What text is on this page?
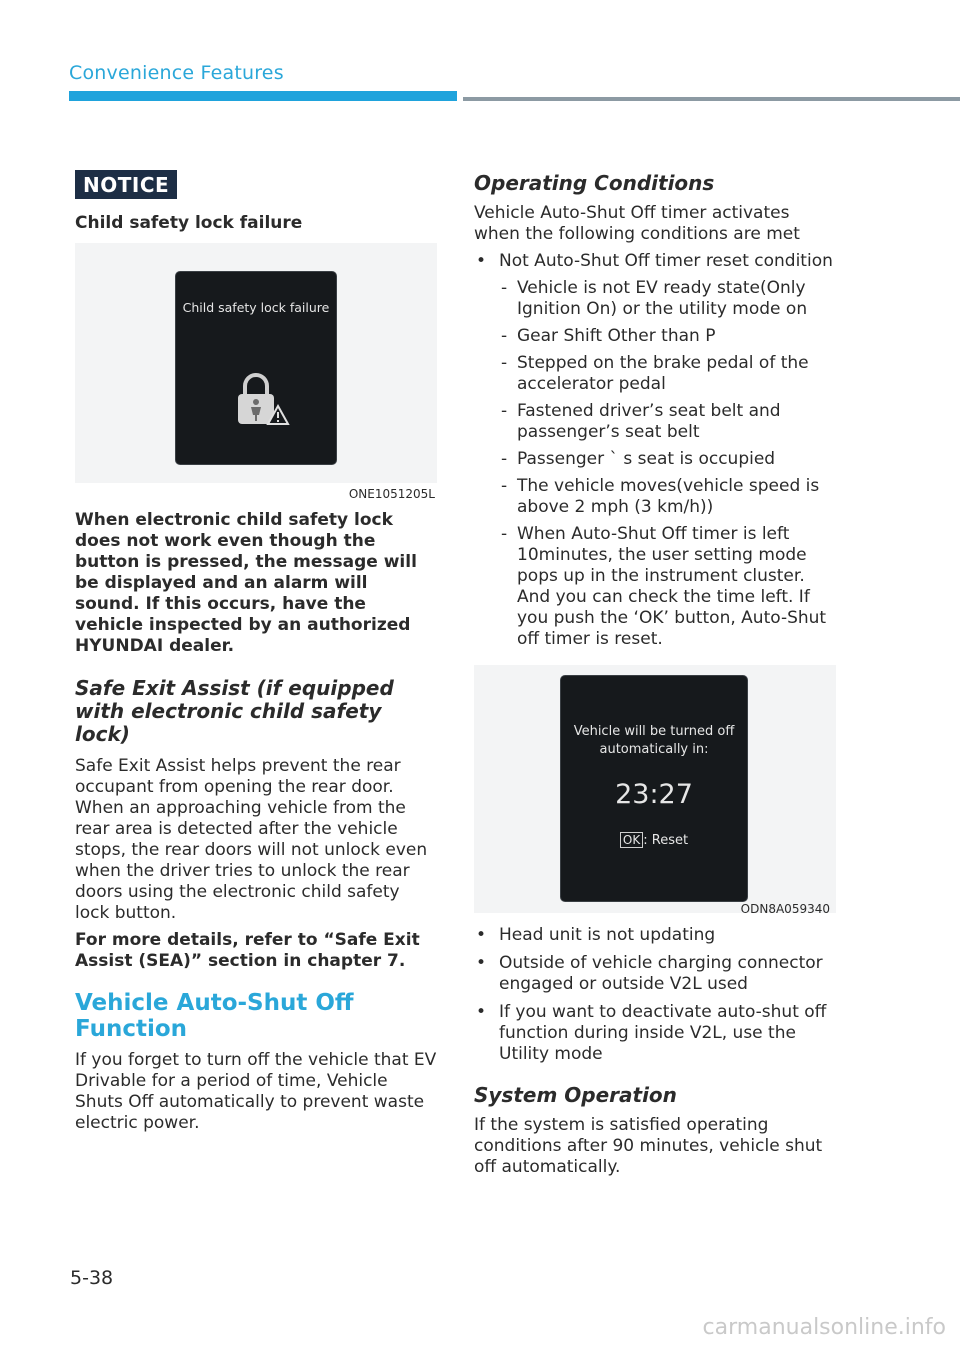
Convenience Features
NOTICE
Child safety lock failure
Child safety lock failure
ONE1051205L
When electronic child safety lock does not work even though the button is pressed, the message will be displayed and an alarm will sound. If this occurs, have the vehicle inspected by an authorized HYUNDAI dealer.
Safe Exit Assist (if equipped with electronic child safety lock)
Safe Exit Assist helps prevent the rear occupant from opening the rear door. When an approaching vehicle from the rear area is detected after the vehicle stops, the rear doors will not unlock even when the driver tries to unlock the rear doors using the electronic child safety lock button.
For more details, refer to “Safe Exit Assist (SEA)” section in chapter 7.
Vehicle Auto-Shut Off Function
If you forget to turn off the vehicle that EV Drivable for a period of time, Vehicle Shuts Off automatically to prevent waste electric power.
Operating Conditions
Vehicle Auto-Shut Off timer activates when the following conditions are met
• Not Auto-Shut Off timer reset condition
- Vehicle is not EV ready state(Only Ignition On) or the utility mode on
- Gear Shift Other than P
- Stepped on the brake pedal of the accelerator pedal
- Fastened driver’s seat belt and passenger’s seat belt
- Passenger ` s seat is occupied
- The vehicle moves(vehicle speed is above 2 mph (3 km/h))
- When Auto-Shut Off timer is left 10minutes, the user setting mode pops up in the instrument cluster. And you can check the time left. If you push the ‘OK’ button, Auto-Shut off timer is reset.
Vehicle will be turned off
automatically in:
23:27
OK : Reset
ODN8A059340
• Head unit is not updating
• Outside of vehicle charging connector engaged or outside V2L used
• If you want to deactivate auto-shut off function during inside V2L, use the Utility mode
System Operation
If the system is satisfied operating conditions after 90 minutes, vehicle shut off automatically.
5-38
carmanualsonline.info
